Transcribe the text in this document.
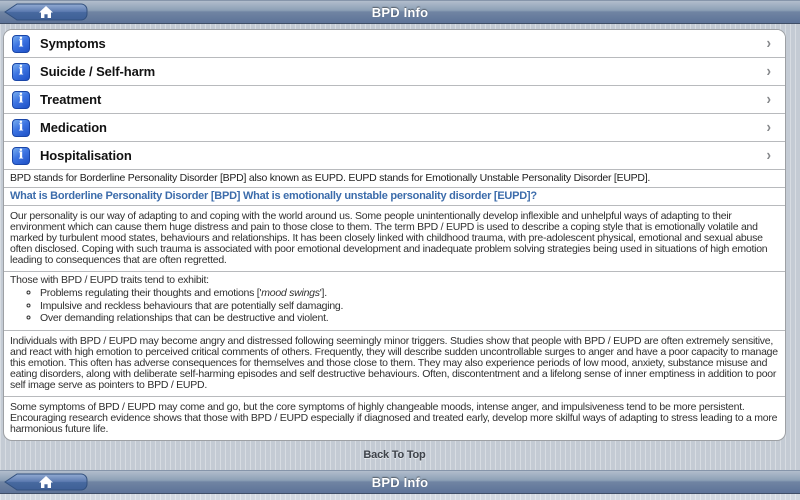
BPD Info
i Symptoms	›
i Suicide / Self-harm	›
i Treatment	›
i Medication	›
i Hospitalisation	›
BPD stands for Borderline Personality Disorder [BPD] also known as EUPD. EUPD stands for Emotionally Unstable Personality Disorder [EUPD].
What is Borderline Personality Disorder [BPD] What is emotionally unstable personality disorder [EUPD]?
Our personality is our way of adapting to and coping with the world around us. Some people unintentionally develop inflexible and unhelpful ways of adapting to their environment which can cause them huge distress and pain to those close to them. The term BPD / EUPD is used to describe a coping style that is emotionally volatile and marked by turbulent mood states, behaviours and relationships. It has been closely linked with childhood trauma, with pre-adolescent physical, emotional and sexual abuse often disclosed. Coping with such trauma is associated with poor emotional development and inadequate problem solving strategies being used in situations of high emotion leading to consequences that are often regretted.
Those with BPD / EUPD traits tend to exhibit:
◦ Problems regulating their thoughts and emotions ['mood swings'].
◦ Impulsive and reckless behaviours that are potentially self damaging.
◦ Over demanding relationships that can be destructive and violent.
Individuals with BPD / EUPD may become angry and distressed following seemingly minor triggers. Studies show that people with BPD / EUPD are often extremely sensitive, and react with high emotion to perceived critical comments of others. Frequently, they will describe sudden uncontrollable surges to anger and have a poor capacity to manage this emotion. This often has adverse consequences for themselves and those close to them. They may also experience periods of low mood, anxiety, substance misuse and eating disorders, along with deliberate self-harming episodes and self destructive behaviours. Often, discontentment and a lifelong sense of inner emptiness in addition to poor self image serve as pointers to BPD / EUPD.
Some symptoms of BPD / EUPD may come and go, but the core symptoms of highly changeable moods, intense anger, and impulsiveness tend to be more persistent. Encouraging research evidence shows that those with BPD / EUPD especially if diagnosed and treated early, develop more skilful ways of adapting to stress leading to a more harmonious future life.
Back To Top
BPD Info
